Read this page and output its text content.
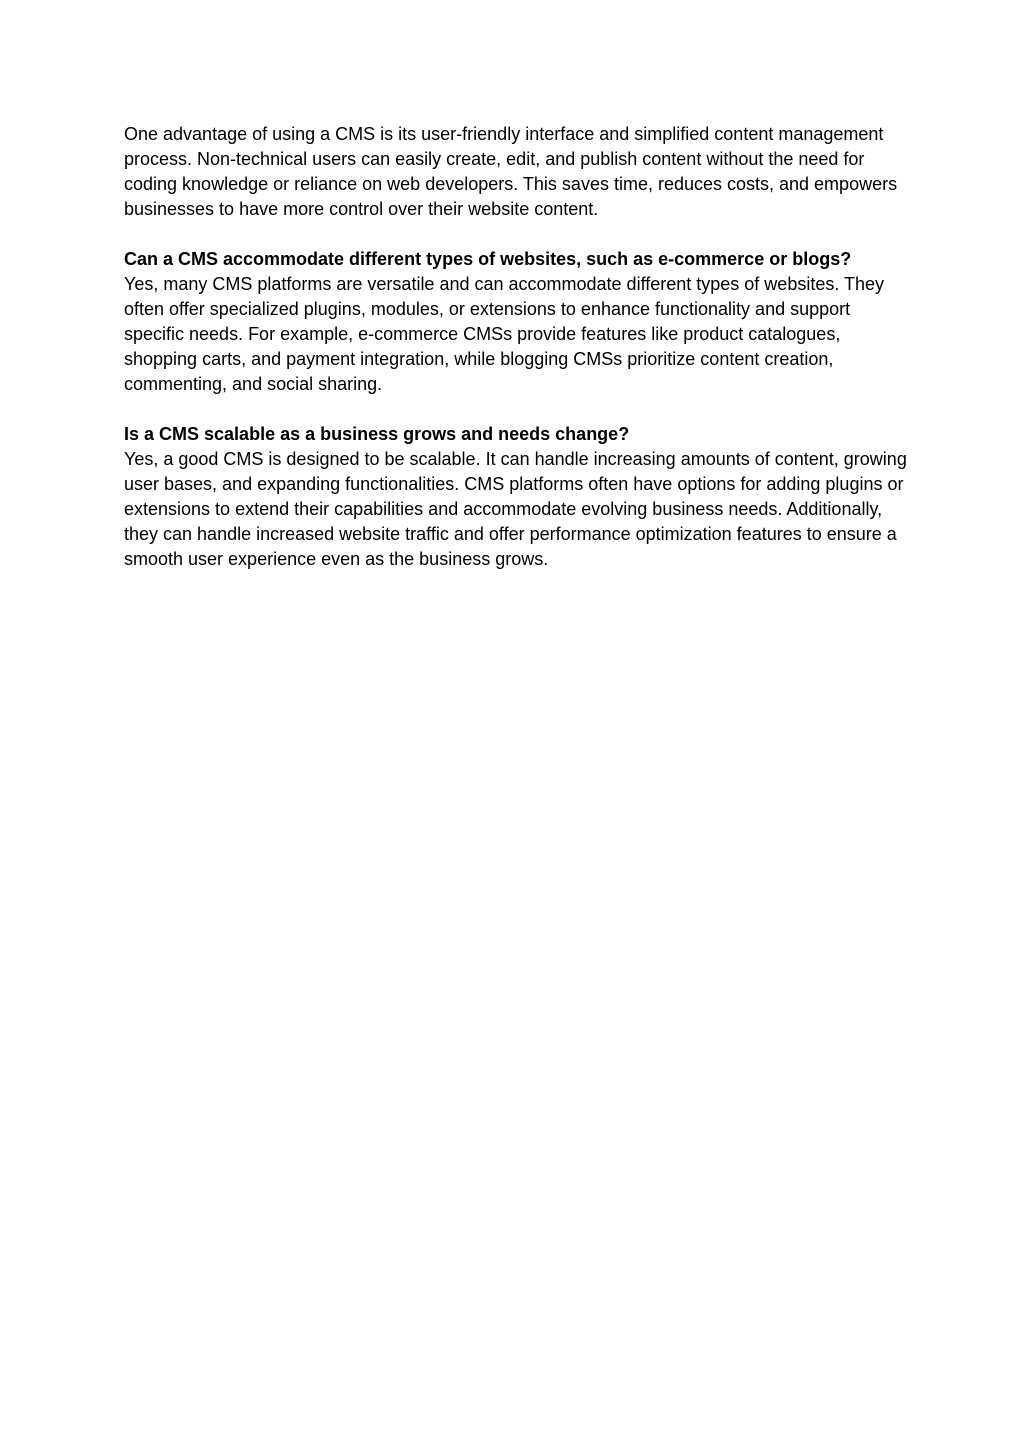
One advantage of using a CMS is its user-friendly interface and simplified content management process. Non-technical users can easily create, edit, and publish content without the need for coding knowledge or reliance on web developers. This saves time, reduces costs, and empowers businesses to have more control over their website content.

Can a CMS accommodate different types of websites, such as e-commerce or blogs?

Yes, many CMS platforms are versatile and can accommodate different types of websites. They often offer specialized plugins, modules, or extensions to enhance functionality and support specific needs. For example, e-commerce CMSs provide features like product catalogues, shopping carts, and payment integration, while blogging CMSs prioritize content creation, commenting, and social sharing.

Is a CMS scalable as a business grows and needs change?

Yes, a good CMS is designed to be scalable. It can handle increasing amounts of content, growing user bases, and expanding functionalities. CMS platforms often have options for adding plugins or extensions to extend their capabilities and accommodate evolving business needs. Additionally, they can handle increased website traffic and offer performance optimization features to ensure a smooth user experience even as the business grows.
